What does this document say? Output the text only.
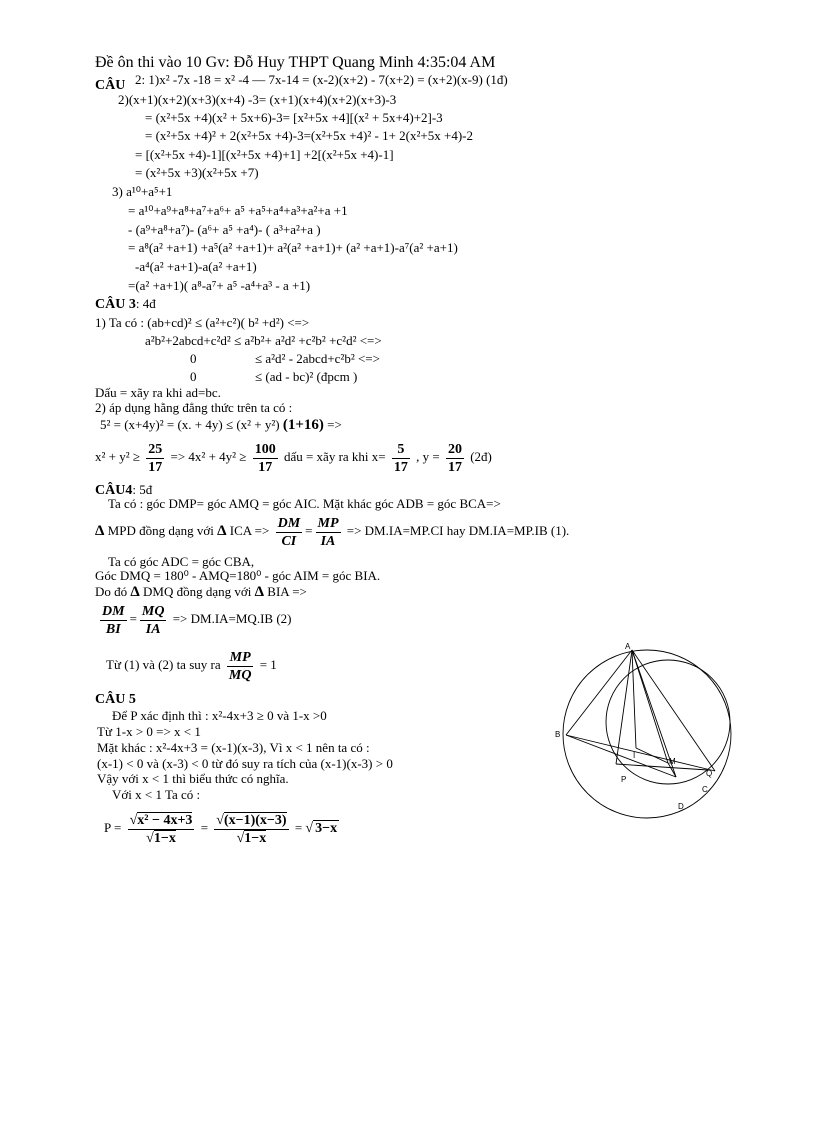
Đề ôn thi vào 10 Gv: Đỗ Huy THPT Quang Minh 4:35:04 AM
CÂU 2: 1)x² -7x -18 = x² -4 — 7x-14 = (x-2)(x+2) - 7(x+2) = (x+2)(x-9) (1đ)
2)(x+1)(x+2)(x+3)(x+4) -3= (x+1)(x+4)(x+2)(x+3)-3
= (x²+5x +4)(x² + 5x+6)-3= [x²+5x +4][(x² + 5x+4)+2]-3
= (x²+5x +4)² + 2(x²+5x +4)-3=(x²+5x +4)² - 1+ 2(x²+5x +4)-2
= [(x²+5x +4)-1][(x²+5x +4)+1] +2[(x²+5x +4)-1]
= (x²+5x +3)(x²+5x +7)
3) a¹⁰+a⁵+1
= a¹⁰+a⁹+a⁸+a⁷+a⁶+ a⁵ +a⁵+a⁴+a³+a²+a +1
- (a⁹+a⁸+a⁷)- (a⁶+ a⁵ +a⁴)- ( a³+a²+a )
= a⁸(a² +a+1) +a⁵(a² +a+1)+ a²(a² +a+1)+ (a² +a+1)-a⁷(a² +a+1)
-a⁴(a² +a+1)-a(a² +a+1)
=(a² +a+1)( a⁸-a⁷+ a⁵ -a⁴+a³ - a +1)
CÂU 3: 4đ
1) Ta có : (ab+cd)² ≤ (a²+c²)( b² +d²) <=>
a²b²+2abcd+c²d² ≤ a²b²+ a²d² +c²b² +c²d² <=>
0	≤ a²d² - 2abcd+c²b² <=>
0	≤ (ad - bc)² (đpcm )
Dấu = xãy ra khi ad=bc.
2) áp dụng hằng đẳng thức trên ta có :
5² = (x+4y)² = (x. + 4y) ≤ (x² + y²) (1+16) =>
$x^2 + y^2 \ge \frac{25}{17} => 4x^2 + 4y^2 \ge \frac{100}{17}$ dấu = xãy ra khi $x= \frac{5}{17}$ , $y = \frac{20}{17}$ (2đ)
CÂU4: 5đ
Ta có : góc DMP= góc AMQ = góc AIC. Mặt khác góc ADB = góc BCA=>
Δ MPD đồng dạng với Δ ICA => $\frac{DM}{CI} = \frac{MP}{IA} => DM.IA=MP.CI$ hay DM.IA=MP.IB (1).
Ta có góc ADC = góc CBA,
Góc DMQ = 180⁰ - AMQ=180⁰ - góc AIM = góc BIA.
Do đó Δ DMQ đồng dạng với Δ BIA =>
$\frac{DM}{BI} = \frac{MQ}{IA} => DM.IA=MQ.IB$ (2)
Từ (1) và (2) ta suy ra $\frac{MP}{MQ} = 1$
CÂU 5
Để P xác định thì : x²-4x+3 ≥ 0 và 1-x >0
Từ 1-x > 0 => x < 1
Mặt khác : x²-4x+3 = (x-1)(x-3), Vì x < 1 nên ta có :
(x-1) < 0 và (x-3) < 0 từ đó suy ra tích của (x-1)(x-3) > 0
Vậy với x < 1 thì biểu thức có nghĩa.
Với x < 1 Ta có :
$P = \frac{\text{√x² − 4x+3}}{√1-x} = \frac{√(x-1)(x-3)}{√1-x}$ = √ 3−x
A
B
I
M
P
Q
C
D
